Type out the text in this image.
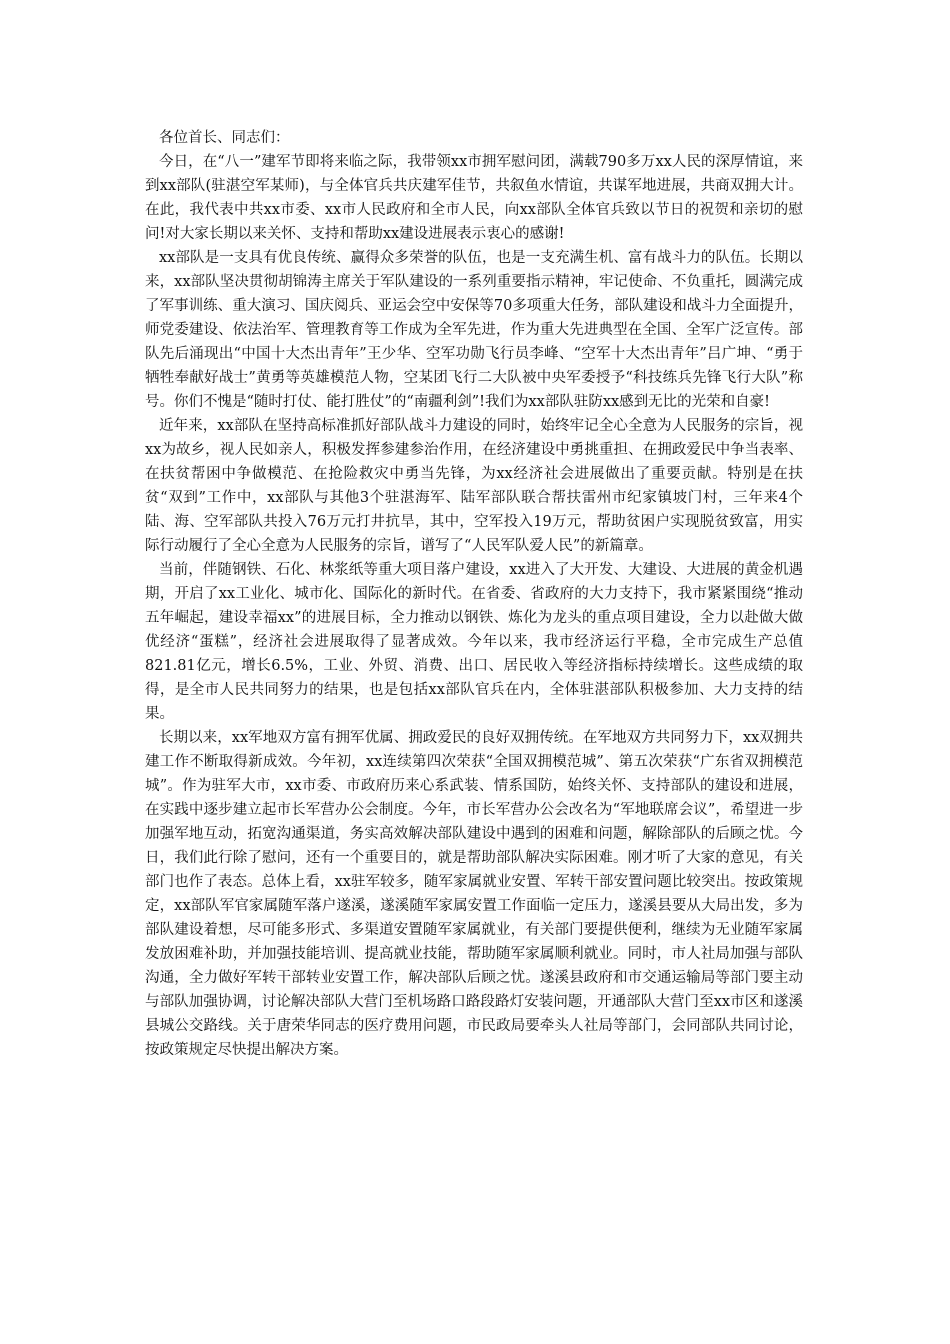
各位首长、同志们：

今日，在“八一”建军节即将来临之际，我带领xx市拥军慰问团，满载790多万xx人民的深厚情谊，来到xx部队(驻湛空军某师)，与全体官兵共庆建军佳节，共叙鱼水情谊，共谋军地进展，共商双拥大计。在此，我代表中共xx市委、xx市人民政府和全市人民，向xx部队全体官兵致以节日的祝贺和亲切的慰问!对大家长期以来关怀、支持和帮助xx建设进展表示衷心的感谢!

xx部队是一支具有优良传统、赢得众多荣誉的队伍，也是一支充满生机、富有战斗力的队伍。长期以来，xx部队坚决贯彻胡锦涛主席关于军队建设的一系列重要指示精神，牢记使命、不负重托，圆满完成了军事训练、重大演习、国庆阅兵、亚运会空中安保等70多项重大任务，部队建设和战斗力全面提升，师党委建设、依法治军、管理教育等工作成为全军先进，作为重大先进典型在全国、全军广泛宣传。部队先后涌现出“中国十大杰出青年”王少华、空军功勋飞行员李峰、“空军十大杰出青年”吕广坤、“勇于牺牲奉献好战士”黄勇等英雄模范人物，空某团飞行二大队被中央军委授予“科技练兵先锋飞行大队”称号。你们不愧是“随时打仗、能打胜仗”的“南疆利剑”!我们为xx部队驻防xx感到无比的光荣和自豪!

近年来，xx部队在坚持高标准抓好部队战斗力建设的同时，始终牢记全心全意为人民服务的宗旨，视xx为故乡，视人民如亲人，积极发挥参建参治作用，在经济建设中勇挑重担、在拥政爱民中争当表率、在扶贫帮困中争做模范、在抢险救灾中勇当先锋，为xx经济社会进展做出了重要贡献。特别是在扶贫“双到”工作中，xx部队与其他3个驻湛海军、陆军部队联合帮扶雷州市纪家镇坡门村，三年来4个陆、海、空军部队共投入76万元打井抗旱，其中，空军投入19万元，帮助贫困户实现脱贫致富，用实际行动履行了全心全意为人民服务的宗旨，谱写了“人民军队爱人民”的新篇章。

当前，伴随钢铁、石化、林浆纸等重大项目落户建设，xx进入了大开发、大建设、大进展的黄金机遇期，开启了xx工业化、城市化、国际化的新时代。在省委、省政府的大力支持下，我市紧紧围绕“推动五年崛起，建设幸福xx”的进展目标，全力推动以钢铁、炼化为龙头的重点项目建设，全力以赴做大做优经济“蛋糕”，经济社会进展取得了显著成效。今年以来，我市经济运行平稳，全市完成生产总值821.81亿元，增长6.5%，工业、外贸、消费、出口、居民收入等经济指标持续增长。这些成绩的取得，是全市人民共同努力的结果，也是包括xx部队官兵在内，全体驻湛部队积极参加、大力支持的结果。

长期以来，xx军地双方富有拥军优属、拥政爱民的良好双拥传统。在军地双方共同努力下，xx双拥共建工作不断取得新成效。今年初，xx连续第四次荣获“全国双拥模范城”、第五次荣获“广东省双拥模范城”。作为驻军大市，xx市委、市政府历来心系武装、情系国防，始终关怀、支持部队的建设和进展，在实践中逐步建立起市长军营办公会制度。今年，市长军营办公会改名为“军地联席会议”，希望进一步加强军地互动，拓宽沟通渠道，务实高效解决部队建设中遇到的困难和问题，解除部队的后顾之忧。今日，我们此行除了慰问，还有一个重要目的，就是帮助部队解决实际困难。刚才听了大家的意见，有关部门也作了表态。总体上看，xx驻军较多，随军家属就业安置、军转干部安置问题比较突出。按政策规定，xx部队军官家属随军落户遂溪，遂溪随军家属安置工作面临一定压力，遂溪县要从大局出发，多为部队建设着想，尽可能多形式、多渠道安置随军家属就业，有关部门要提供便利，继续为无业随军家属发放困难补助，并加强技能培训、提高就业技能，帮助随军家属顺利就业。同时，市人社局加强与部队沟通，全力做好军转干部转业安置工作，解决部队后顾之忧。遂溪县政府和市交通运输局等部门要主动与部队加强协调，讨论解决部队大营门至机场路口路段路灯安装问题，开通部队大营门至xx市区和遂溪县城公交路线。关于唐荣华同志的医疗费用问题，市民政局要牵头人社局等部门，会同部队共同讨论，按政策规定尽快提出解决方案。
